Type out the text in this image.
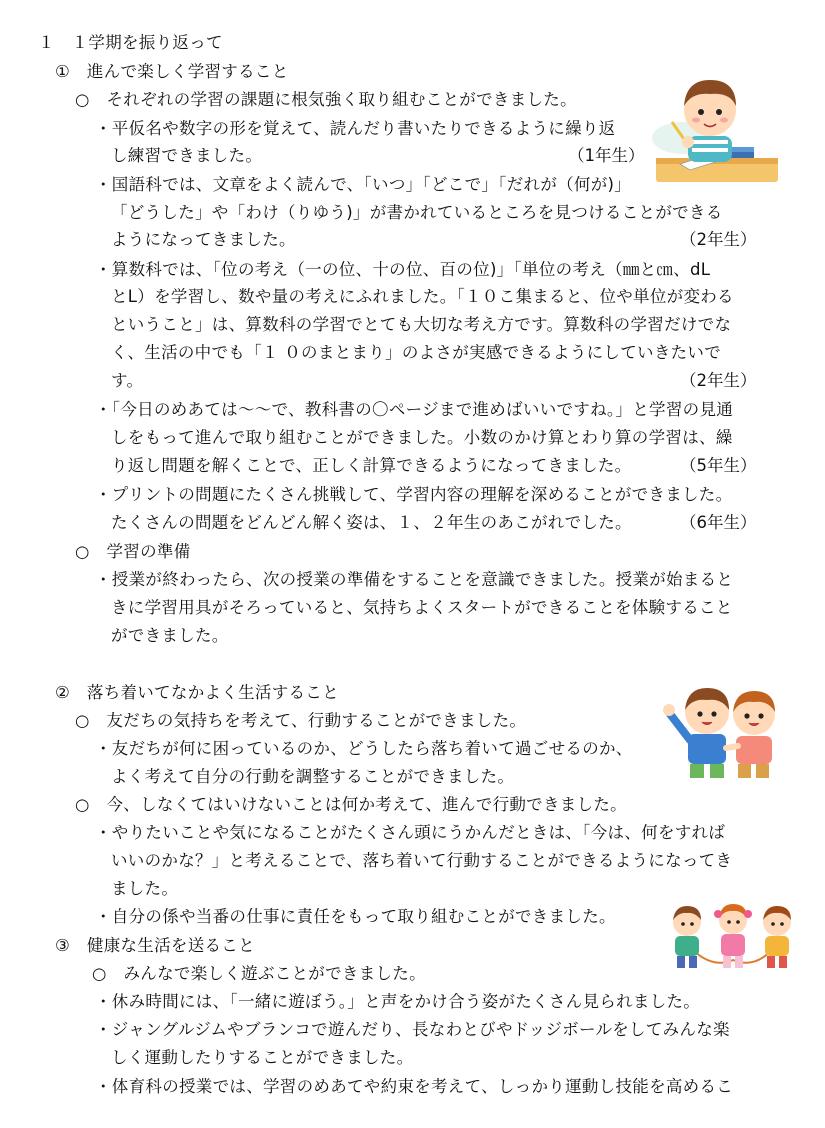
１　１学期を振り返って
①　進んで楽しく学習すること
○　それぞれの学習の課題に根気強く取り組むことができました。
・平仮名や数字の形を覚えて、読んだり書いたりできるように繰り返
し練習できました。	（1年生）
・国語科では、文章をよく読んで、「いつ」「どこで」「だれが（何が)」
「どうした」や「わけ（りゆう)」が書かれているところを見つけることができる
ようになってきました。	（2年生）
・算数科では、「位の考え（一の位、十の位、百の位)」「単位の考え（㎜と㎝、dL
とL）を学習し、数や量の考えにふれました。「１０こ集まると、位や単位が変わる
ということ」は、算数科の学習でとても大切な考え方です。算数科の学習だけでな
く、生活の中でも「１ ０のまとまり」のよさが実感できるようにしていきたいで
す。	（2年生）
・「今日のめあては〜〜で、教科書の〇ページまで進めばいいですね。」と学習の見通
しをもって進んで取り組むことができました。小数のかけ算とわり算の学習は、繰
り返し問題を解くことで、正しく計算できるようになってきました。	（5年生）
・プリントの問題にたくさん挑戦して、学習内容の理解を深めることができました。
たくさんの問題をどんどん解く姿は、１、２年生のあこがれでした。	（6年生）
○　学習の準備
・授業が終わったら、次の授業の準備をすることを意識できました。授業が始まると
きに学習用具がそろっていると、気持ちよくスタートができることを体験すること
ができました。
②　落ち着いてなかよく生活すること
○　友だちの気持ちを考えて、行動することができました。
・友だちが何に困っているのか、どうしたら落ち着いて過ごせるのか、
よく考えて自分の行動を調整することができました。
○　今、しなくてはいけないことは何か考えて、進んで行動できました。
・やりたいことや気になることがたくさん頭にうかんだときは、「今は、何をすれば
いいのかな？」と考えることで、落ち着いて行動することができるようになってき
ました。
・自分の係や当番の仕事に責任をもって取り組むことができました。
③　健康な生活を送ること
○　みんなで楽しく遊ぶことができました。
・休み時間には、「一緒に遊ぼう。」と声をかけ合う姿がたくさん見られました。
・ジャングルジムやブランコで遊んだり、長なわとびやドッジボールをしてみんな楽
しく運動したりすることができました。
・体育科の授業では、学習のめあてや約束を考えて、しっかり運動し技能を高めるこ
